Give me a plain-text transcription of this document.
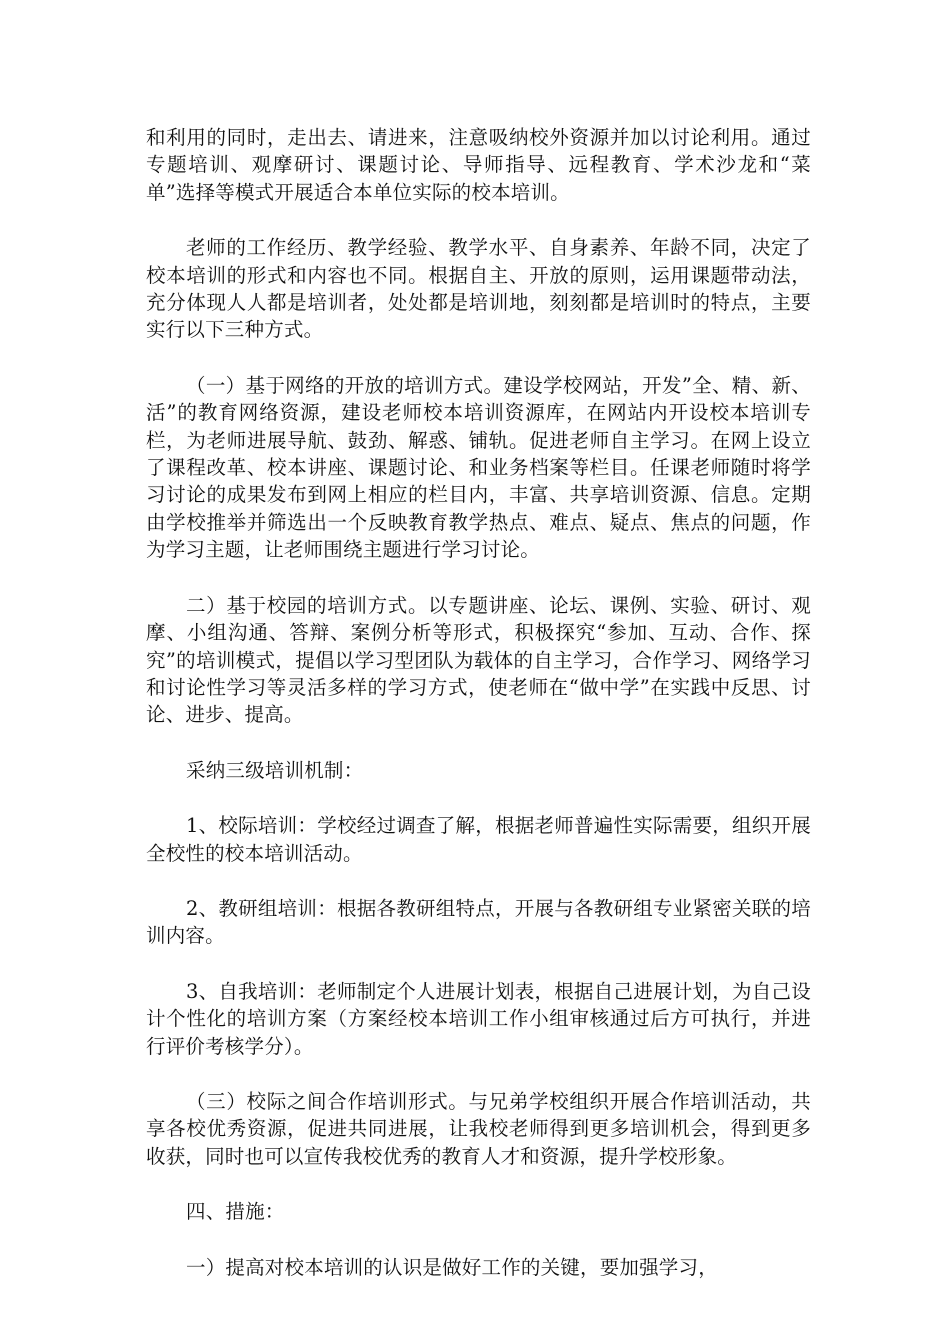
和利用的同时，走出去、请进来，注意吸纳校外资源并加以讨论利用。通过专题培训、观摩研讨、课题讨论、导师指导、远程教育、学术沙龙和“菜单”选择等模式开展适合本单位实际的校本培训。

老师的工作经历、教学经验、教学水平、自身素养、年龄不同，决定了校本培训的形式和内容也不同。根据自主、开放的原则，运用课题带动法，充分体现人人都是培训者，处处都是培训地，刻刻都是培训时的特点，主要实行以下三种方式。

（一）基于网络的开放的培训方式。建设学校网站，开发”全、精、新、活”的教育网络资源，建设老师校本培训资源库，在网站内开设校本培训专栏，为老师进展导航、鼓劲、解惑、铺轨。促进老师自主学习。在网上设立了课程改革、校本讲座、课题讨论、和业务档案等栏目。任课老师随时将学习讨论的成果发布到网上相应的栏目内，丰富、共享培训资源、信息。定期由学校推举并筛选出一个反映教育教学热点、难点、疑点、焦点的问题，作为学习主题，让老师围绕主题进行学习讨论。

二）基于校园的培训方式。以专题讲座、论坛、课例、实验、研讨、观摩、小组沟通、答辩、案例分析等形式，积极探究“参加、互动、合作、探究”的培训模式，提倡以学习型团队为载体的自主学习，合作学习、网络学习和讨论性学习等灵活多样的学习方式，使老师在“做中学”在实践中反思、讨论、进步、提高。

采纳三级培训机制：

1、校际培训：学校经过调查了解，根据老师普遍性实际需要，组织开展全校性的校本培训活动。

2、教研组培训：根据各教研组特点，开展与各教研组专业紧密关联的培训内容。

3、自我培训：老师制定个人进展计划表，根据自己进展计划，为自己设计个性化的培训方案（方案经校本培训工作小组审核通过后方可执行，并进行评价考核学分）。

（三）校际之间合作培训形式。与兄弟学校组织开展合作培训活动，共享各校优秀资源，促进共同进展，让我校老师得到更多培训机会，得到更多收获，同时也可以宣传我校优秀的教育人才和资源，提升学校形象。

四、措施：

一）提高对校本培训的认识是做好工作的关键，要加强学习，
